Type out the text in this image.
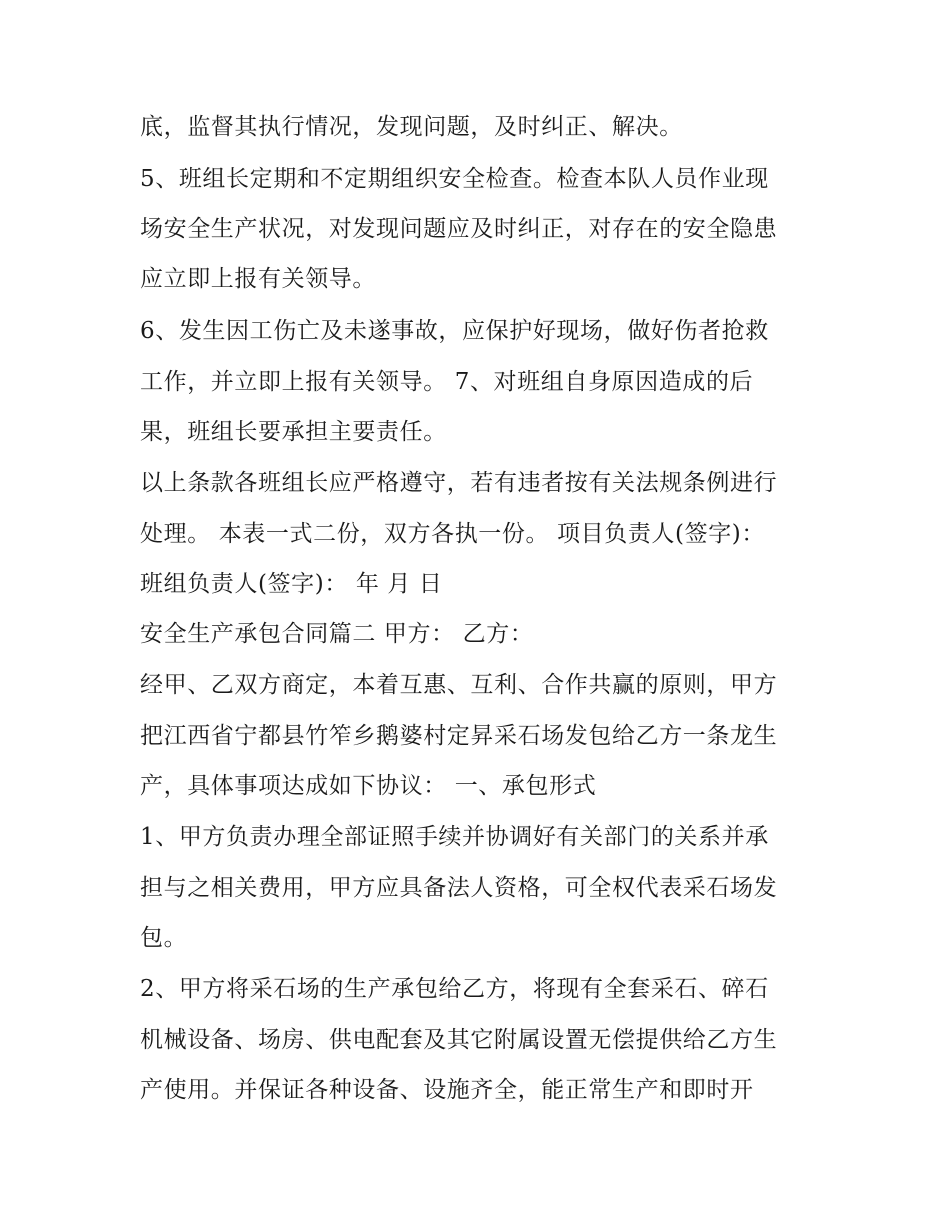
底，监督其执行情况，发现问题，及时纠正、解决。
5、班组长定期和不定期组织安全检查。检查本队人员作业现
场安全生产状况，对发现问题应及时纠正，对存在的安全隐患
应立即上报有关领导。
6、发生因工伤亡及未遂事故，应保护好现场，做好伤者抢救
工作，并立即上报有关领导。 7、对班组自身原因造成的后
果，班组长要承担主要责任。
以上条款各班组长应严格遵守，若有违者按有关法规条例进行
处理。 本表一式二份，双方各执一份。 项目负责人(签字)：
班组负责人(签字)： 年 月 日
安全生产承包合同篇二 甲方： 乙方：
经甲、乙双方商定，本着互惠、互利、合作共赢的原则，甲方
把江西省宁都县竹笮乡鹅婆村定昇采石场发包给乙方一条龙生
产，具体事项达成如下协议： 一、承包形式
1、甲方负责办理全部证照手续并协调好有关部门的关系并承
担与之相关费用，甲方应具备法人资格，可全权代表采石场发
包。
2、甲方将采石场的生产承包给乙方，将现有全套采石、碎石
机械设备、场房、供电配套及其它附属设置无偿提供给乙方生
产使用。并保证各种设备、设施齐全，能正常生产和即时开
